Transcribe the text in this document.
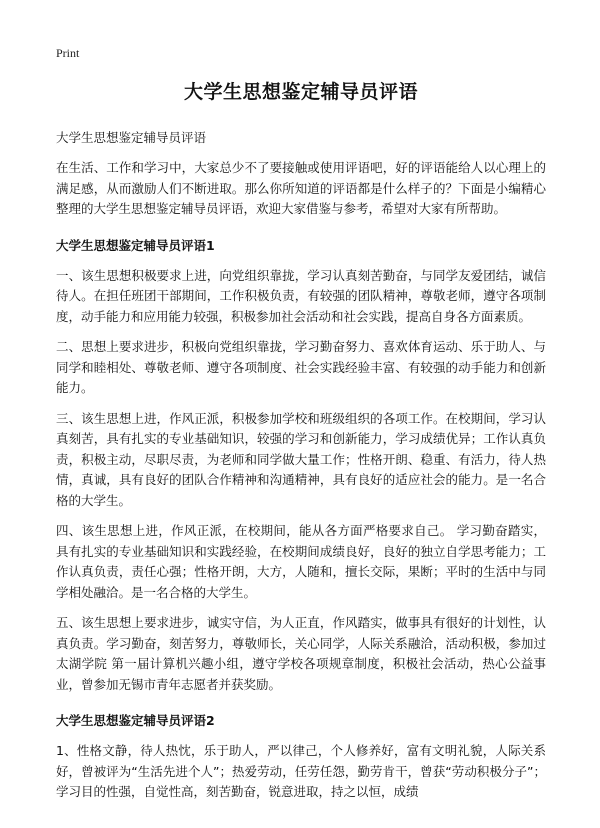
Print
大学生思想鉴定辅导员评语

大学生思想鉴定辅导员评语

在生活、工作和学习中，大家总少不了要接触或使用评语吧，好的评语能给人以心理上的满足感，从而激励人们不断进取。那么你所知道的评语都是什么样子的？下面是小编精心整理的大学生思想鉴定辅导员评语，欢迎大家借鉴与参考，希望对大家有所帮助。

大学生思想鉴定辅导员评语1

一、该生思想积极要求上进，向党组织靠拢，学习认真刻苦勤奋，与同学友爱团结，诚信待人。在担任班团干部期间，工作积极负责，有较强的团队精神，尊敬老师，遵守各项制度，动手能力和应用能力较强，积极参加社会活动和社会实践，提高自身各方面素质。

二、思想上要求进步，积极向党组织靠拢，学习勤奋努力、喜欢体育运动、乐于助人、与同学和睦相处、尊敬老师、遵守各项制度、社会实践经验丰富、有较强的动手能力和创新能力。

三、该生思想上进，作风正派，积极参加学校和班级组织的各项工作。在校期间，学习认真刻苦，具有扎实的专业基础知识，较强的学习和创新能力，学习成绩优异；工作认真负责，积极主动，尽职尽责，为老师和同学做大量工作；性格开朗、稳重、有活力，待人热情，真诚，具有良好的团队合作精神和沟通精神，具有良好的适应社会的能力。是一名合格的大学生。

四、该生思想上进，作风正派，在校期间，能从各方面严格要求自己。 学习勤奋踏实，具有扎实的专业基础知识和实践经验，在校期间成绩良好，良好的独立自学思考能力；工作认真负责，责任心强；性格开朗，大方，人随和，擅长交际，果断；平时的生活中与同学相处融洽。是一名合格的大学生。

五、该生思想上要求进步，诚实守信，为人正直，作风踏实，做事具有很好的计划性，认真负责。学习勤奋，刻苦努力，尊敬师长，关心同学，人际关系融洽，活动积极，参加过太湖学院 第一届计算机兴趣小组，遵守学校各项规章制度，积极社会活动，热心公益事业，曾参加无锡市青年志愿者并获奖励。

大学生思想鉴定辅导员评语2

1、性格文静，待人热忱，乐于助人，严以律己，个人修养好，富有文明礼貌，人际关系好，曾被评为“生活先进个人”；热爱劳动，任劳任怨，勤劳肯干，曾获“劳动积极分子”；学习目的性强，自觉性高，刻苦勤奋，锐意进取，持之以恒，成绩
